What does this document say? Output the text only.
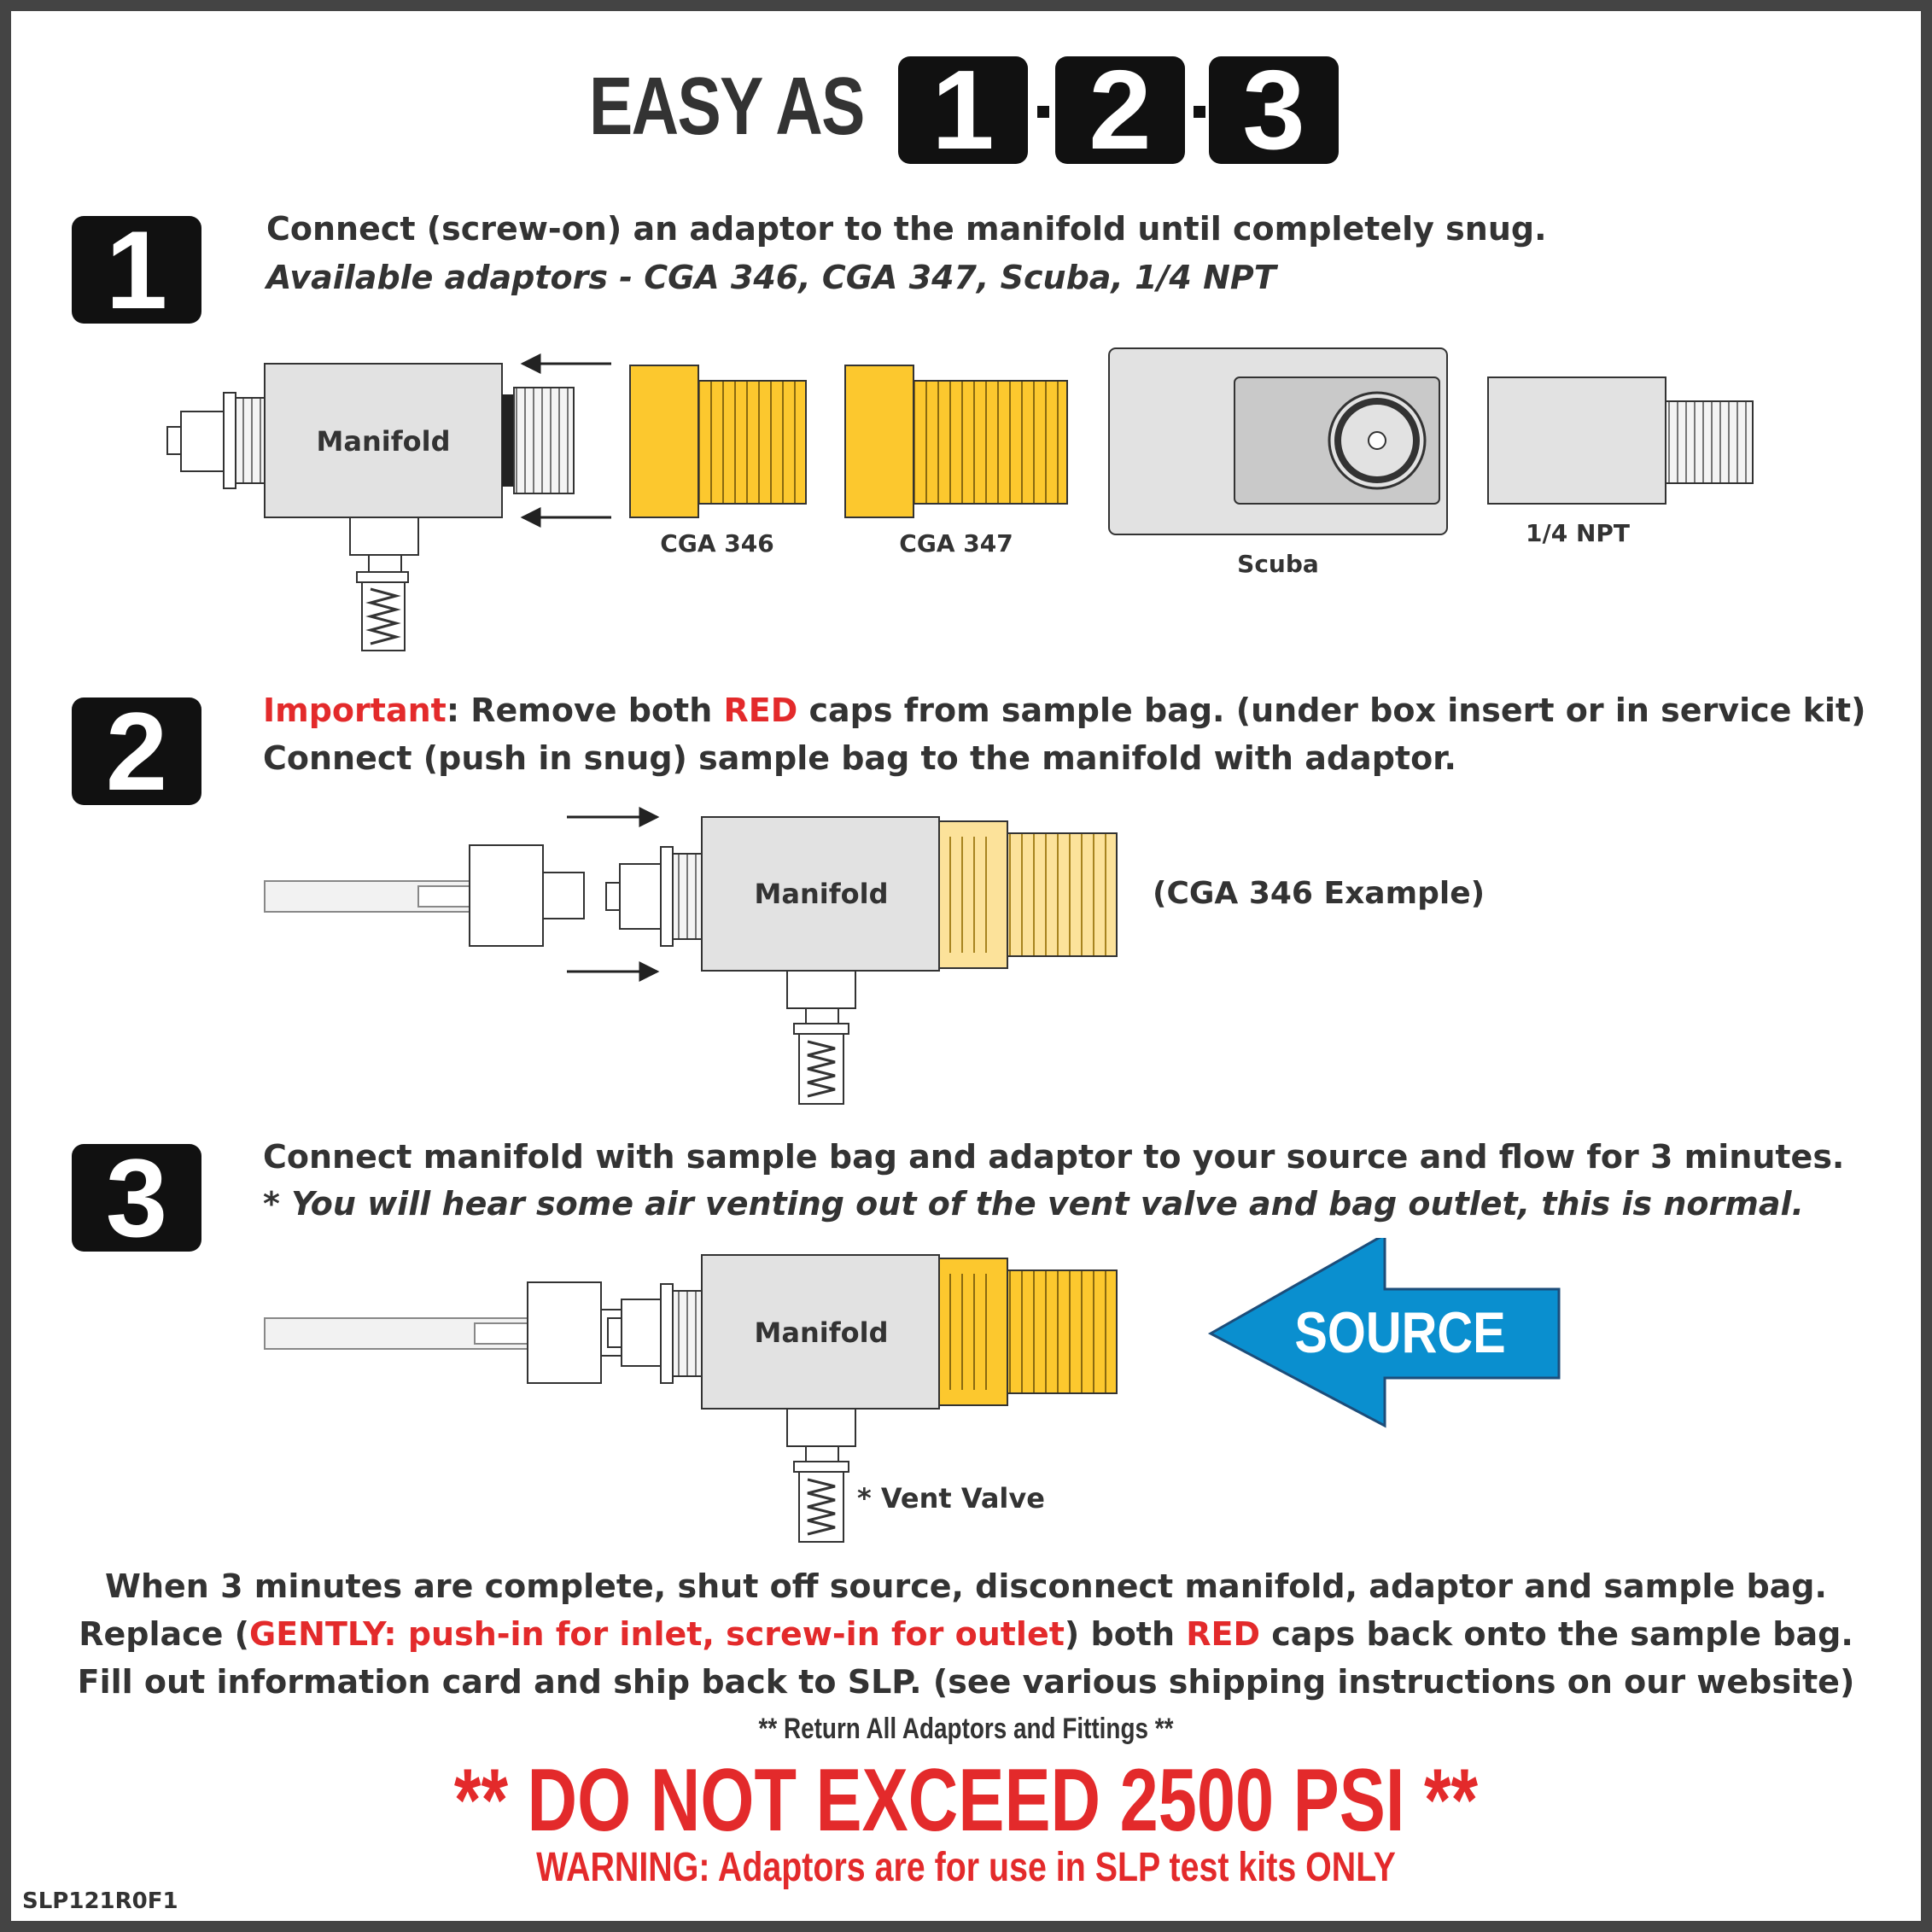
EASY AS 1 2 3
1	Connect (screw-on) an adaptor to the manifold until completely snug.
Available adaptors - CGA 346, CGA 347, Scuba, 1/4 NPT
Manifold
CGA 346	CGA 347
Scuba
1/4 NPT
2	Important: Remove both RED caps from sample bag. (under box insert or in service kit)
Connect (push in snug) sample bag to the manifold with adaptor.
Manifold	(CGA 346 Example)
3	Connect manifold with sample bag and adaptor to your source and flow for 3 minutes.
* You will hear some air venting out of the vent valve and bag outlet, this is normal.
Manifold
* Vent Valve
SOURCE
When 3 minutes are complete, shut off source, disconnect manifold, adaptor and sample bag.
Replace (GENTLY: push-in for inlet, screw-in for outlet) both RED caps back onto the sample bag.
Fill out information card and ship back to SLP. (see various shipping instructions on our website)
** Return All Adaptors and Fittings **
** DO NOT EXCEED 2500 PSI **
WARNING: Adaptors are for use in SLP test kits ONLY
SLP121R0F1
